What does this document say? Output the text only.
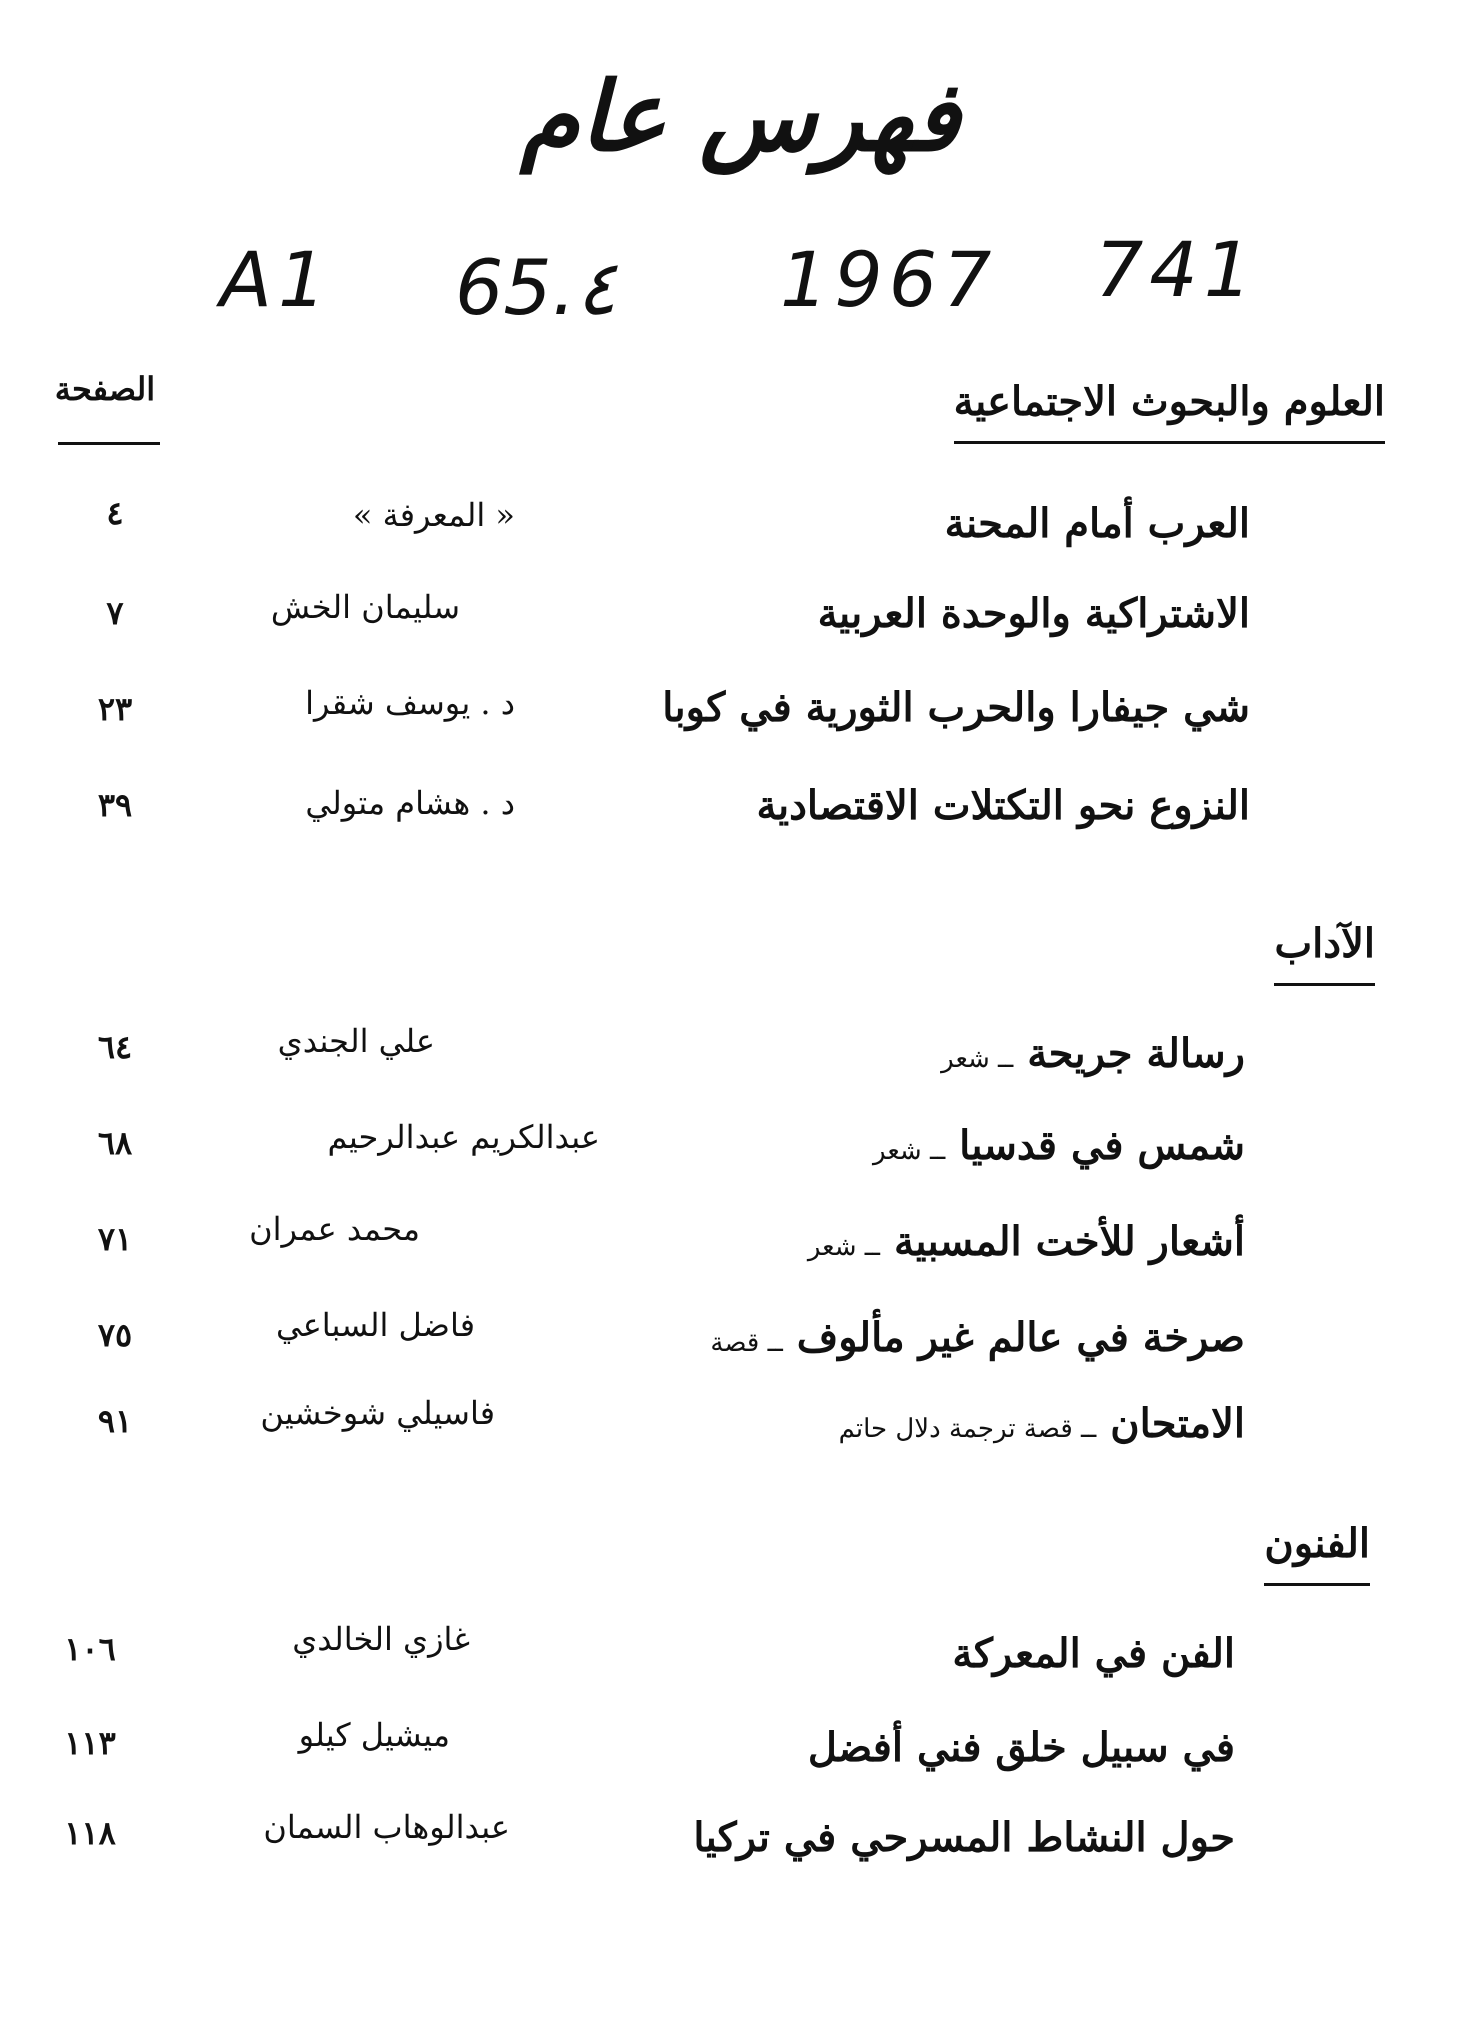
فهرس عام
A1 65.٤ 1967 741
الصفحة	العلوم والبحوث الاجتماعية
العرب أمام المحنة
« المعرفة »
٤
الاشتراكية والوحدة العربية
سليمان الخش
٧
شي جيفارا والحرب الثورية في كوبا
د . يوسف شقرا
٢٣
النزوع نحو التكتلات الاقتصادية
د . هشام متولي
٣٩
الآداب
رسالة جريحة ــ شعر
علي الجندي
٦٤
شمس في قدسيا ــ شعر
عبدالكريم عبدالرحيم
٦٨
أشعار للأخت المسبية ــ شعر
محمد عمران
٧١
صرخة في عالم غير مألوف ــ قصة
فاضل السباعي
٧٥
الامتحان ــ قصة ترجمة دلال حاتم
فاسيلي شوخشين
٩١
الفنون
الفن في المعركة
غازي الخالدي
١٠٦
في سبيل خلق فني أفضل
ميشيل كيلو
١١٣
حول النشاط المسرحي في تركيا
عبدالوهاب السمان
١١٨
